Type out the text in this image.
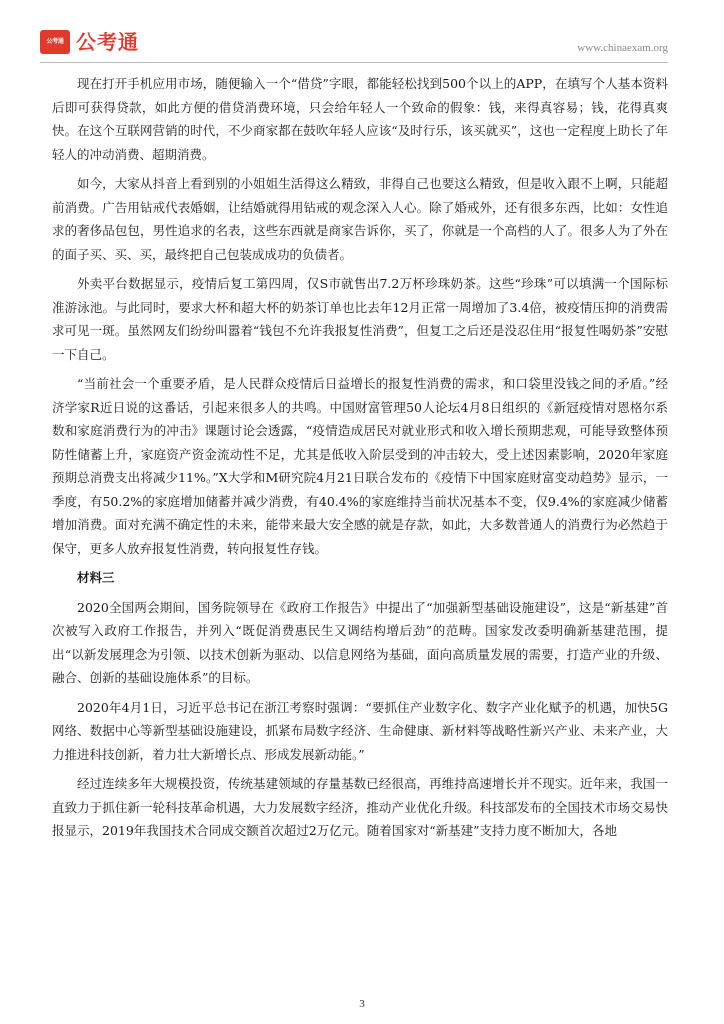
公考通 公考通	www.chinaexam.org

现在打开手机应用市场，随便输入一个“借贷”字眼，都能轻松找到500个以上的APP，在填写个人基本资料后即可获得贷款，如此方便的借贷消费环境，只会给年轻人一个致命的假象：钱，来得真容易；钱，花得真爽快。在这个互联网营销的时代，不少商家都在鼓吹年轻人应该“及时行乐，该买就买”，这也一定程度上助长了年轻人的冲动消费、超期消费。

如今，大家从抖音上看到别的小姐姐生活得这么精致，非得自己也要这么精致，但是收入跟不上啊，只能超前消费。广告用钻戒代表婚姻，让结婚就得用钻戒的观念深入人心。除了婚戒外，还有很多东西，比如：女性追求的奢侈品包包，男性追求的名表，这些东西就是商家告诉你，买了，你就是一个高档的人了。很多人为了外在的面子买、买、买，最终把自己包装成成功的负债者。

外卖平台数据显示，疫情后复工第四周，仅S市就售出7.2万杯珍珠奶茶。这些“珍珠”可以填满一个国际标准游泳池。与此同时，要求大杯和超大杯的奶茶订单也比去年12月正常一周增加了3.4倍，被疫情压抑的消费需求可见一斑。虽然网友们纷纷叫嚣着“钱包不允许我报复性消费”，但复工之后还是没忍住用“报复性喝奶茶”安慰一下自己。

“当前社会一个重要矛盾，是人民群众疫情后日益增长的报复性消费的需求，和口袋里没钱之间的矛盾。”经济学家R近日说的这番话，引起来很多人的共鸣。中国财富管理50人论坛4月8日组织的《新冠疫情对恩格尔系数和家庭消费行为的冲击》课题讨论会透露，“疫情造成居民对就业形式和收入增长预期悲观，可能导致整体预防性储蓄上升，家庭资产资金流动性不足，尤其是低收入阶层受到的冲击较大，受上述因素影响，2020年家庭预期总消费支出将减少11%。”X大学和M研究院4月21日联合发布的《疫情下中国家庭财富变动趋势》显示，一季度，有50.2%的家庭增加储蓄并减少消费，有40.4%的家庭维持当前状况基本不变，仅9.4%的家庭减少储蓄增加消费。面对充满不确定性的未来，能带来最大安全感的就是存款，如此，大多数普通人的消费行为必然趋于保守，更多人放弃报复性消费，转向报复性存钱。

材料三

2020全国两会期间，国务院领导在《政府工作报告》中提出了“加强新型基础设施建设”，这是“新基建”首次被写入政府工作报告，并列入“既促消费惠民生又调结构增后劲”的范畴。国家发改委明确新基建范围，提出“以新发展理念为引领、以技术创新为驱动、以信息网络为基础，面向高质量发展的需要，打造产业的升级、融合、创新的基础设施体系”的目标。

2020年4月1日，习近平总书记在浙江考察时强调：“要抓住产业数字化、数字产业化赋予的机遇，加快5G网络、数据中心等新型基础设施建设，抓紧布局数字经济、生命健康、新材料等战略性新兴产业、未来产业，大力推进科技创新，着力壮大新增长点、形成发展新动能。”

经过连续多年大规模投资，传统基建领域的存量基数已经很高，再维持高速增长并不现实。近年来，我国一直致力于抓住新一轮科技革命机遇，大力发展数字经济，推动产业优化升级。科技部发布的全国技术市场交易快报显示，2019年我国技术合同成交额首次超过2万亿元。随着国家对“新基建”支持力度不断加大，各地

3
